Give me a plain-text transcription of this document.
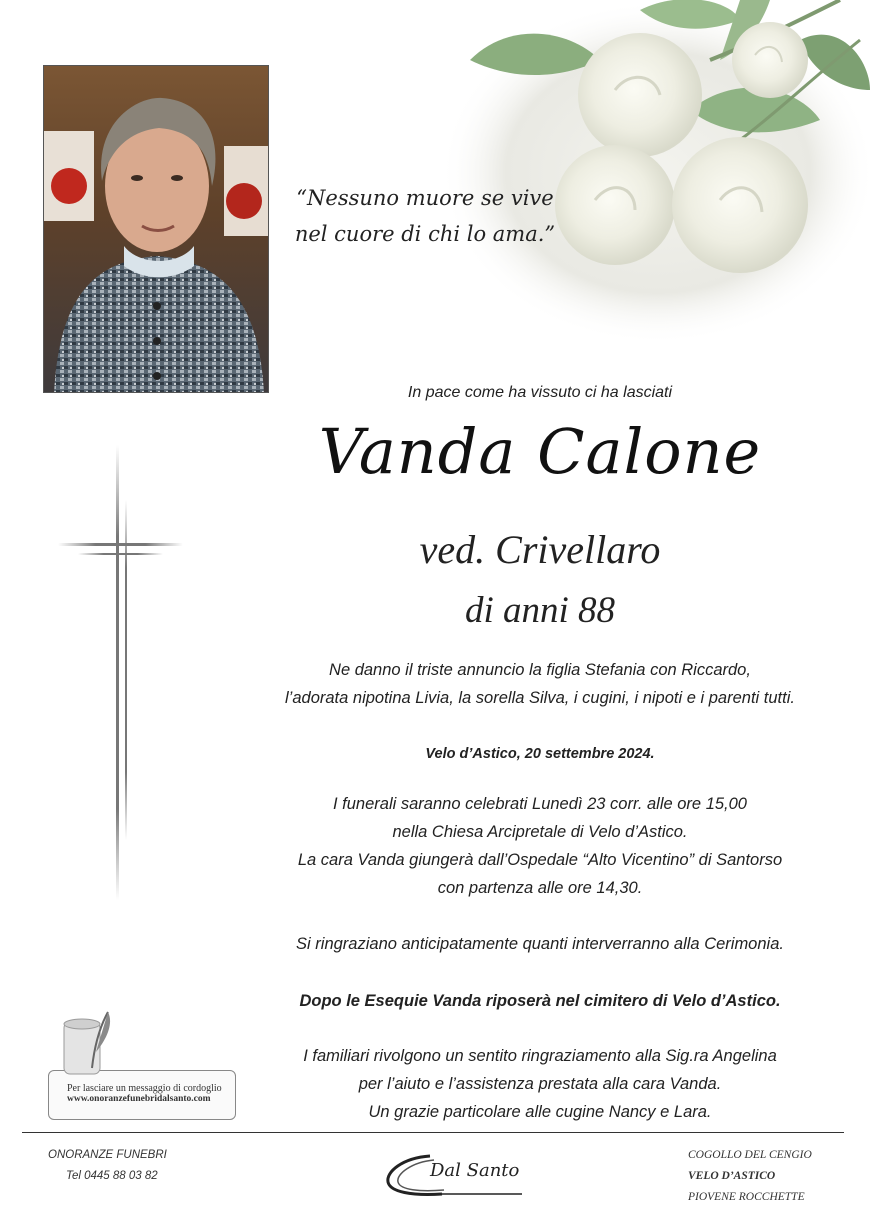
“Nessuno muore se vive
nel cuore di chi lo ama.”
In pace come ha vissuto ci ha lasciati
Vanda Calone
ved. Crivellaro
di anni 88
Ne danno il triste annuncio la figlia Stefania con Riccardo,
l’adorata nipotina Livia, la sorella Silva, i cugini, i nipoti e i parenti tutti.
Velo d’Astico, 20 settembre 2024.
I funerali saranno celebrati Lunedì 23 corr. alle ore 15,00
nella Chiesa Arcipretale di Velo d’Astico.
La cara Vanda giungerà dall’Ospedale “Alto Vicentino” di Santorso
con partenza alle ore 14,30.
Si ringraziano anticipatamente quanti interverranno alla Cerimonia.
Dopo le Esequie Vanda riposerà nel cimitero di Velo d’Astico.
I familiari rivolgono un sentito ringraziamento alla Sig.ra Angelina
per l’aiuto e l’assistenza prestata alla cara Vanda.
Un grazie particolare alle cugine Nancy e Lara.
Per lasciare un messaggio di cordoglio
www.onoranzefunebridalsanto.com
ONORANZE FUNEBRI
Tel 0445 88 03 82	Dal Santo
COGOLLO DEL CENGIO
VELO D’ASTICO
PIOVENE ROCCHETTE
